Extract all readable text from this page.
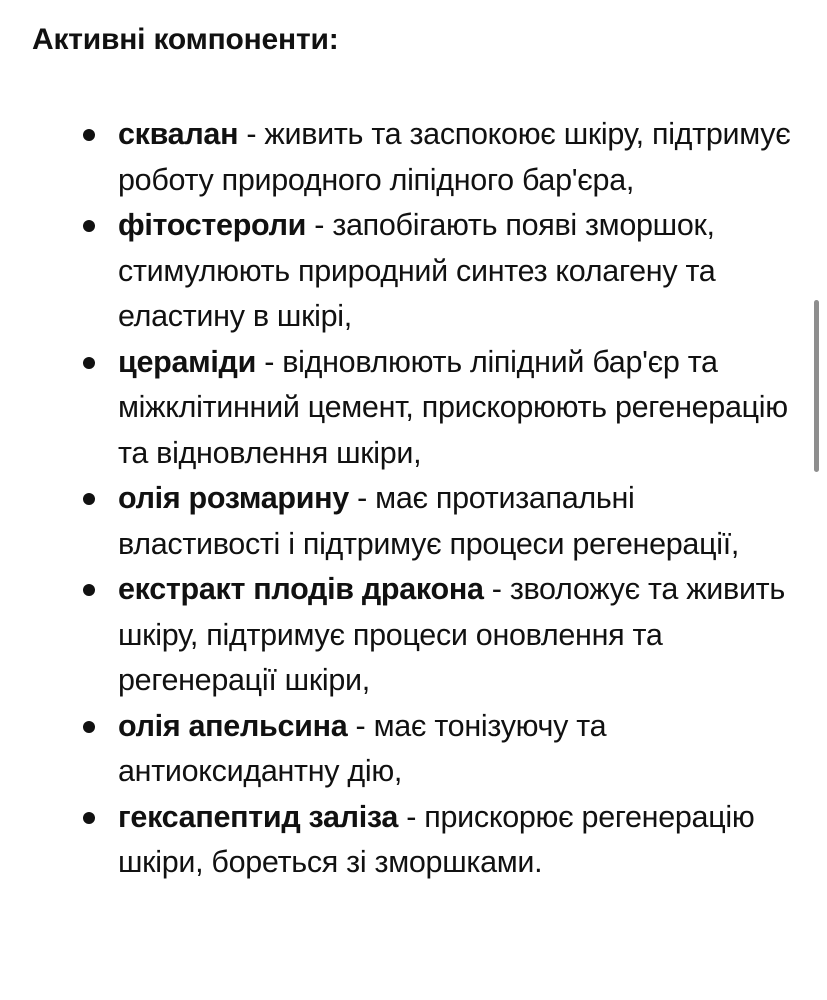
Активні компоненти:
сквалан - живить та заспокоює шкіру, підтримує роботу природного ліпідного бар'єра,
фітостероли - запобігають появі зморшок, стимулюють природний синтез колагену та еластину в шкірі,
цераміди - відновлюють ліпідний бар'єр та міжклітинний цемент, прискорюють регенерацію та відновлення шкіри,
олія розмарину - має протизапальні властивості і підтримує процеси регенерації,
екстракт плодів дракона - зволожує та живить шкіру, підтримує процеси оновлення та регенерації шкіри,
олія апельсина - має тонізуючу та антиоксидантну дію,
гексапептид заліза - прискорює регенерацію шкіри, бореться зі зморшками.
